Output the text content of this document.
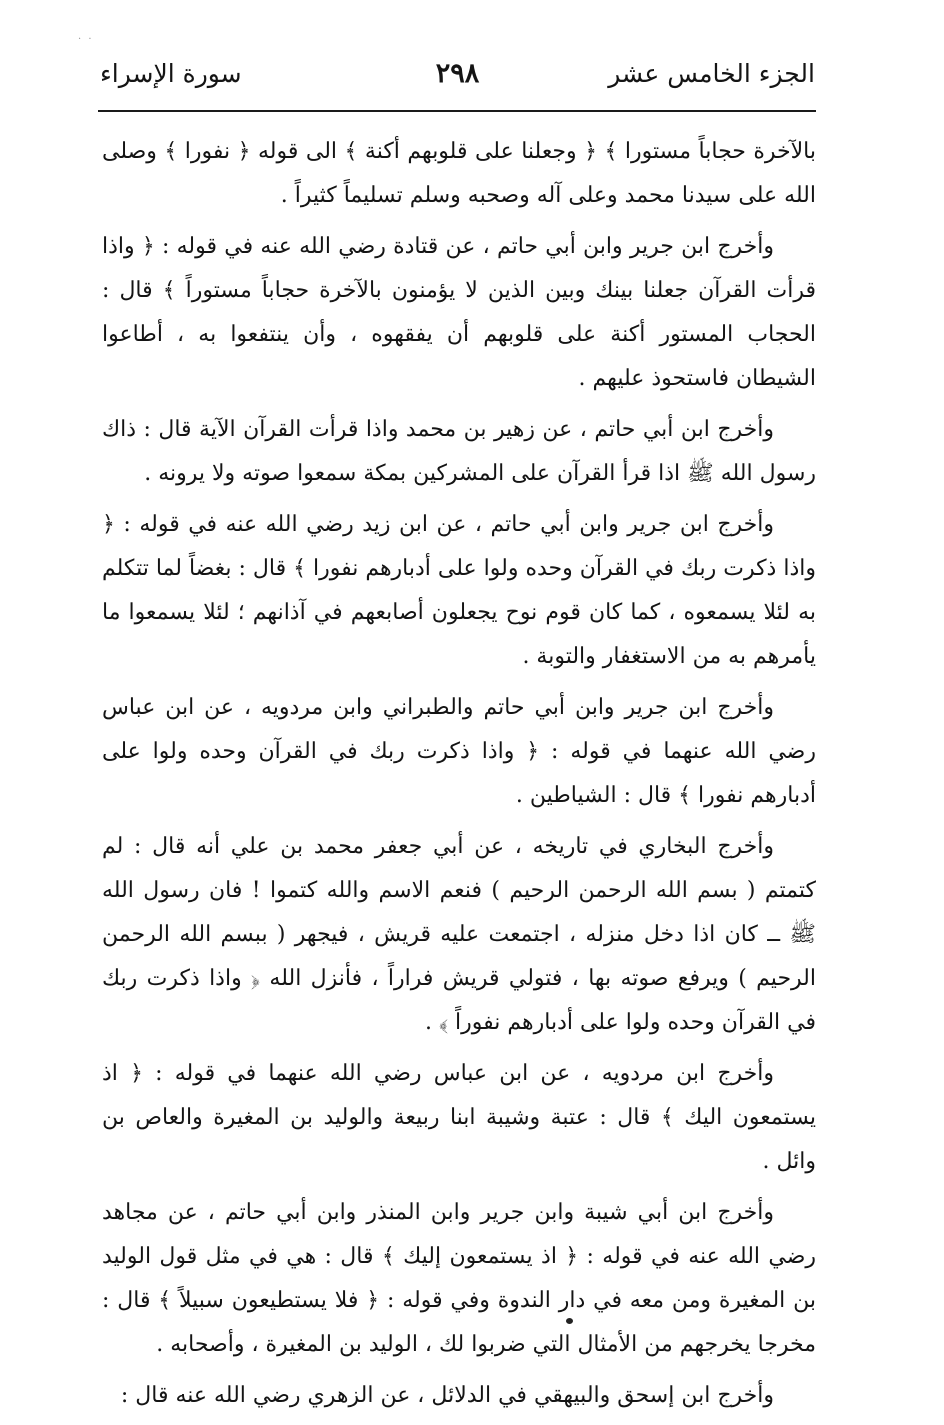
· ·
الجزء الخامس عشر
٢٩٨
سورة الإسراء

بالآخرة حجاباً مستورا ﴾ ﴿ وجعلنا على قلوبهم أكنة ﴾ الى قوله ﴿ نفورا ﴾ وصلى الله على سيدنا محمد وعلى آله وصحبه وسلم تسليماً كثيراً .

وأخرج ابن جرير وابن أبي حاتم ، عن قتادة رضي الله عنه في قوله : ﴿ واذا قرأت القرآن جعلنا بينك وبين الذين لا يؤمنون بالآخرة حجاباً مستوراً ﴾ قال : الحجاب المستور أكنة على قلوبهم أن يفقهوه ، وأن ينتفعوا به ، أطاعوا الشيطان فاستحوذ عليهم .

وأخرج ابن أبي حاتم ، عن زهير بن محمد واذا قرأت القرآن الآية قال : ذاك رسول الله ﷺ اذا قرأ القرآن على المشركين بمكة سمعوا صوته ولا يرونه .

وأخرج ابن جرير وابن أبي حاتم ، عن ابن زيد رضي الله عنه في قوله : ﴿ واذا ذكرت ربك في القرآن وحده ولوا على أدبارهم نفورا ﴾ قال : بغضاً لما تتكلم به لئلا يسمعوه ، كما كان قوم نوح يجعلون أصابعهم في آذانهم ؛ لئلا يسمعوا ما يأمرهم به من الاستغفار والتوبة .

وأخرج ابن جرير وابن أبي حاتم والطبراني وابن مردويه ، عن ابن عباس رضي الله عنهما في قوله : ﴿ واذا ذكرت ربك في القرآن وحده ولوا على أدبارهم نفورا ﴾ قال : الشياطين .

وأخرج البخاري في تاريخه ، عن أبي جعفر محمد بن علي أنه قال : لم كتمتم ( بسم الله الرحمن الرحيم ) فنعم الاسم والله كتموا ! فان رسول الله ﷺ ــ كان اذا دخل منزله ، اجتمعت عليه قريش ، فيجهر ( ببسم الله الرحمن الرحيم ) ويرفع صوته بها ، فتولي قريش فراراً ، فأنزل الله ﴿ واذا ذكرت ربك في القرآن وحده ولوا على أدبارهم نفوراً ﴾ .

وأخرج ابن مردويه ، عن ابن عباس رضي الله عنهما في قوله : ﴿ اذ يستمعون اليك ﴾ قال : عتبة وشيبة ابنا ربيعة والوليد بن المغيرة والعاص بن وائل .

وأخرج ابن أبي شيبة وابن جرير وابن المنذر وابن أبي حاتم ، عن مجاهد رضي الله عنه في قوله : ﴿ اذ يستمعون إليك ﴾ قال : هي في مثل قول الوليد بن المغيرة ومن معه في دار الندوة وفي قوله : ﴿ فلا يستطيعون سبيلاً ﴾ قال : مخرجا يخرجهم من الأمثال التي ضربوا لك ، الوليد بن المغيرة ، وأصحابه .

وأخرج ابن إسحق والبيهقي في الدلائل ، عن الزهري رضي الله عنه قال :
